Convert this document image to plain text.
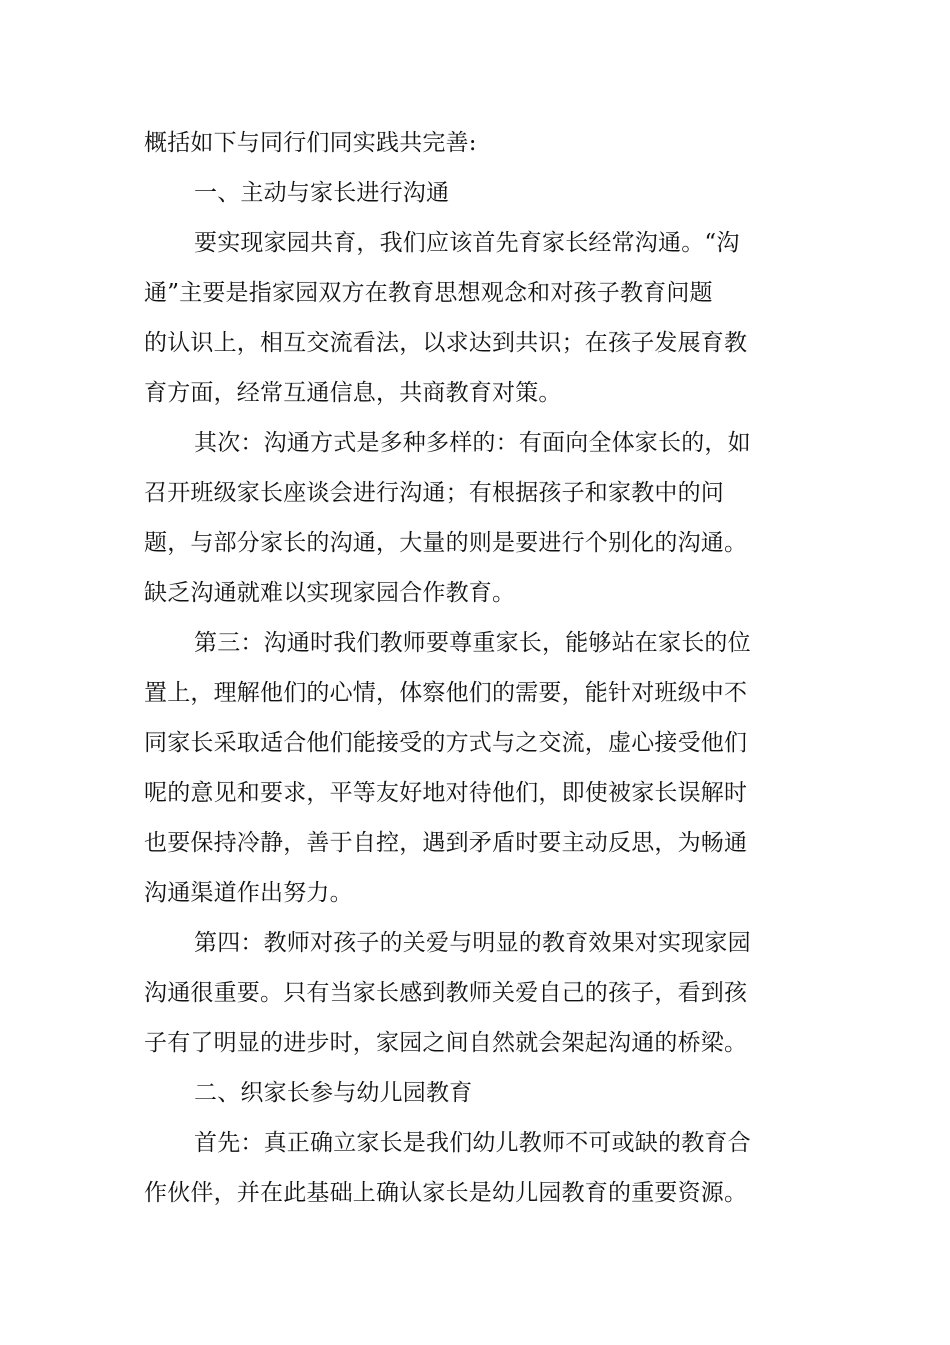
概括如下与同行们同实践共完善:
一、主动与家长进行沟通
要实现家园共育，我们应该首先育家长经常沟通。“沟
通”主要是指家园双方在教育思想观念和对孩子教育问题
的认识上，相互交流看法，以求达到共识；在孩子发展育教
育方面，经常互通信息，共商教育对策。
其次：沟通方式是多种多样的：有面向全体家长的，如
召开班级家长座谈会进行沟通；有根据孩子和家教中的问
题，与部分家长的沟通，大量的则是要进行个别化的沟通。
缺乏沟通就难以实现家园合作教育。
第三：沟通时我们教师要尊重家长，能够站在家长的位
置上，理解他们的心情，体察他们的需要，能针对班级中不
同家长采取适合他们能接受的方式与之交流，虚心接受他们
呢的意见和要求，平等友好地对待他们，即使被家长误解时
也要保持冷静，善于自控，遇到矛盾时要主动反思，为畅通
沟通渠道作出努力。
第四：教师对孩子的关爱与明显的教育效果对实现家园
沟通很重要。只有当家长感到教师关爱自己的孩子，看到孩
子有了明显的进步时，家园之间自然就会架起沟通的桥梁。
二、织家长参与幼儿园教育
首先：真正确立家长是我们幼儿教师不可或缺的教育合
作伙伴，并在此基础上确认家长是幼儿园教育的重要资源。
